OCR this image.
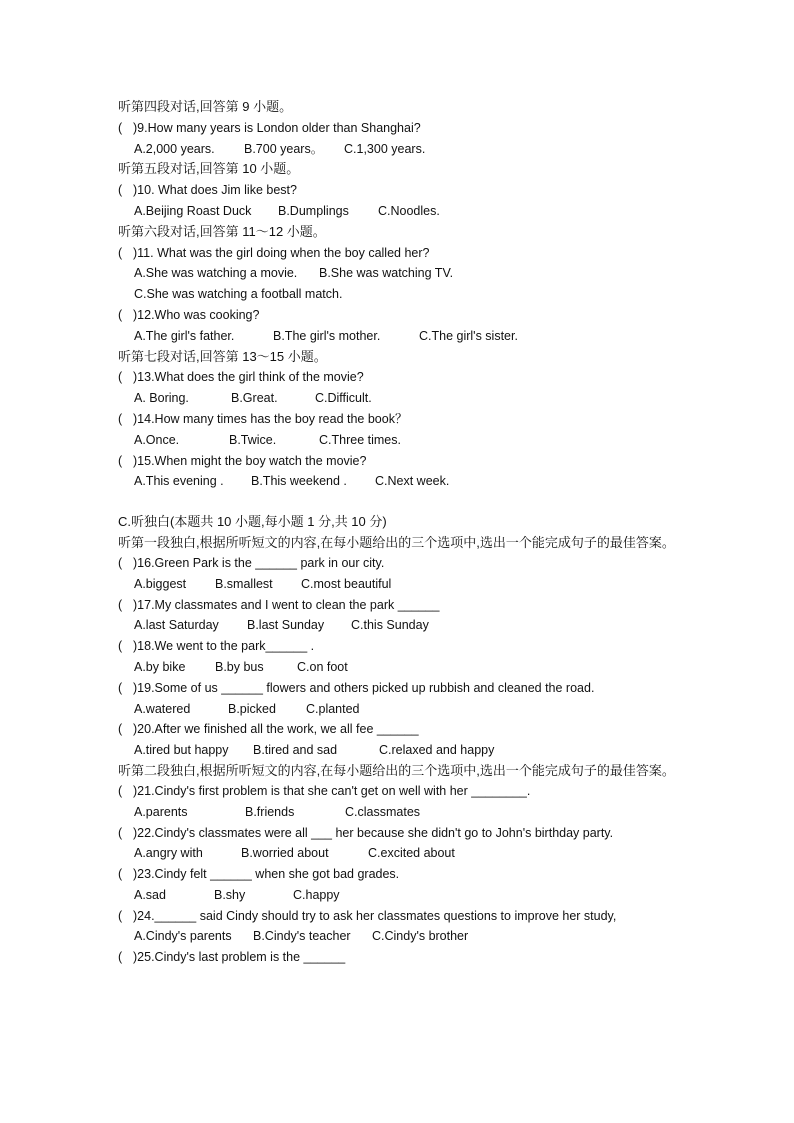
听第四段对话,回答第 9 小题。
( )9.How many years is London older than Shanghai?
A.2,000 years. B.700 years。 C.1,300 years.
听第五段对话,回答第 10 小题。
( )10. What does Jim like best?
A.Beijing Roast Duck B.Dumplings C.Noodles.
听第六段对话,回答第 11～12 小题。
( )11. What was the girl doing when the boy called her?
A.She was watching a movie. B.She was watching TV.
C.She was watching a football match.
( )12.Who was cooking?
A.The girl's father.	B.The girl's mother.	C.The girl's sister.
听第七段对话,回答第 13～15 小题。
( )13.What does the girl think of the movie?
A. Boring.	B.Great.	C.Difficult.
( )14.How many times has the boy read the book？
A.Once.	B.Twice.	C.Three times.
( )15.When might the boy watch the movie?
A.This evening . B.This weekend . C.Next week.
C.听独白(本题共 10 小题,每小题 1 分,共 10 分)
听第一段独白,根据所听短文的内容,在每小题给出的三个选项中,选出一个能完成句子的最佳答案。
( )16.Green Park is the ______ park in our city.
A.biggest B.smallest C.most beautiful
( )17.My classmates and I went to clean the park ______
A.last Saturday B.last Sunday C.this Sunday
( )18.We went to the park______ .
A.by bike B.by bus	C.on foot
( )19.Some of us ______ flowers and others picked up rubbish and cleaned the road.
A.watered	B.picked C.planted
( )20.After we finished all the work, we all fee ______
A.tired but happy B.tired and sad	C.relaxed and happy
听第二段独白,根据所听短文的内容,在每小题给出的三个选项中,选出一个能完成句子的最佳答案。
( )21.Cindy's first problem is that she can't get on well with her ________.
A.parents	B.friends	C.classmates
( )22.Cindy's classmates were all ___ her because she didn't go to John's birthday party.
A.angry with	B.worried about	C.excited about
( )23.Cindy felt ______ when she got bad grades.
A.sad	B.shy	C.happy
( )24.______ said Cindy should try to ask her classmates questions to improve her study,
A.Cindy's parents B.Cindy's teacher C.Cindy's brother
( )25.Cindy's last problem is the ______
